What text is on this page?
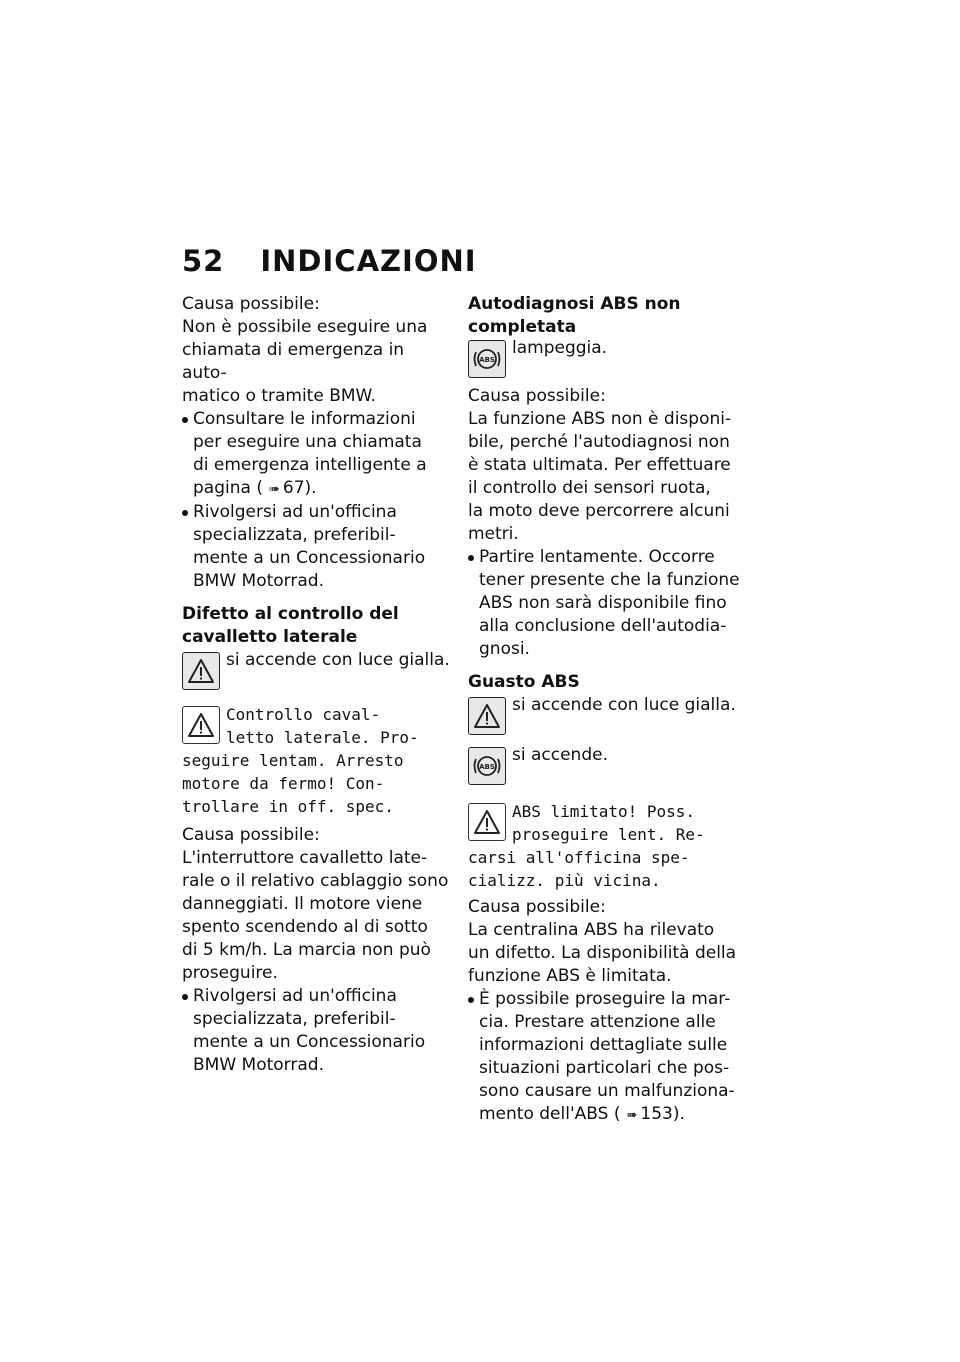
52 INDICAZIONI

Causa possibile:

Non è possibile eseguire una

chiamata di emergenza in auto-

matico o tramite BMW.

Consultare le informazioni

per eseguire una chiamata

di emergenza intelligente a

pagina ( ➠ 67).

Rivolgersi ad un'officina

specializzata, preferibil-

mente a un Concessionario

BMW Motorrad.

Difetto al controllo del

cavalletto laterale

si accende con luce gialla.

Controllo caval-
letto laterale. Pro-
seguire lentam. Arresto
motore da fermo! Con-
trollare in off. spec.

Causa possibile:

L'interruttore cavalletto late-

rale o il relativo cablaggio sono

danneggiati. Il motore viene

spento scendendo al di sotto

di 5 km/h. La marcia non può

proseguire.

Rivolgersi ad un'officina

specializzata, preferibil-

mente a un Concessionario

BMW Motorrad.

Autodiagnosi ABS non

completata

ABS

lampeggia.

Causa possibile:

La funzione ABS non è disponi-

bile, perché l'autodiagnosi non

è stata ultimata. Per effettuare

il controllo dei sensori ruota,

la moto deve percorrere alcuni

metri.

Partire lentamente. Occorre

tener presente che la funzione

ABS non sarà disponibile fino

alla conclusione dell'autodia-

gnosi.

Guasto ABS

si accende con luce gialla.

ABS

si accende.

ABS limitato! Poss.
proseguire lent. Re-
carsi all'officina spe-
cializz. più vicina.

Causa possibile:

La centralina ABS ha rilevato

un difetto. La disponibilità della

funzione ABS è limitata.

È possibile proseguire la mar-

cia. Prestare attenzione alle

informazioni dettagliate sulle

situazioni particolari che pos-

sono causare un malfunziona-

mento dell'ABS ( ➠ 153).
